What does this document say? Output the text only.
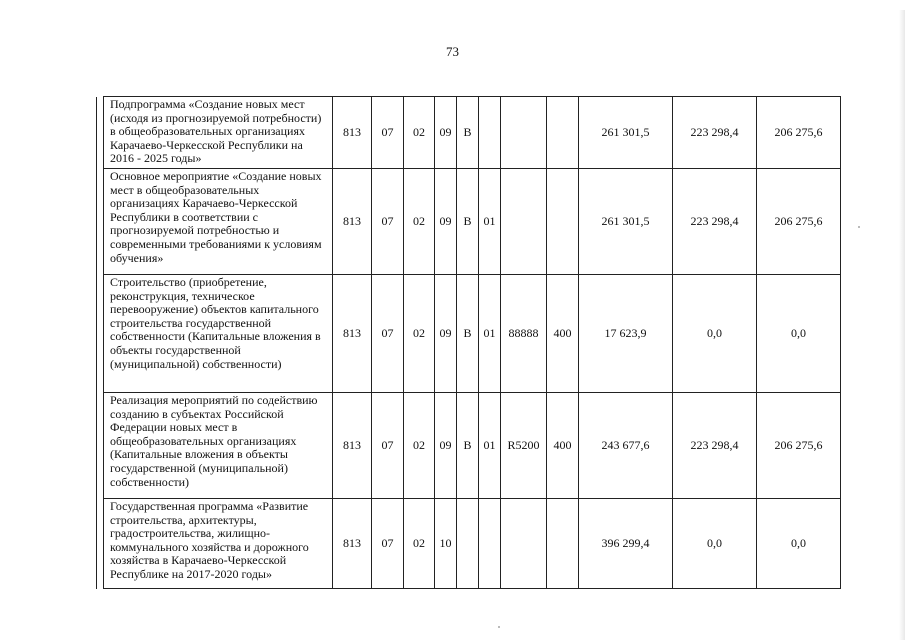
73
	Подпрограмма «Создание новых мест (исходя из прогнозируемой потребности) в общеобразовательных организациях Карачаево-Черкесской Республики на 2016 - 2025 годы»	813	07	02	09	В				261 301,5	223 298,4	206 275,6
	Основное мероприятие «Создание новых мест в общеобразовательных организациях Карачаево-Черкесской Республики в соответствии с прогнозируемой потребностью и современными требованиями к условиям обучения»	813	07	02	09	В	01			261 301,5	223 298,4	206 275,6
	Строительство (приобретение, реконструкция, техническое перевооружение) объектов капитального строительства государственной собственности (Капитальные вложения в объекты государственной (муниципальной) собственности)	813	07	02	09	В	01	88888	400	17 623,9	0,0	0,0
	Реализация мероприятий по содействию созданию в субъектах Российской Федерации новых мест в общеобразовательных организациях (Капитальные вложения в объекты государственной (муниципальной) собственности)	813	07	02	09	В	01	R5200	400	243 677,6	223 298,4	206 275,6
	Государственная программа «Развитие строительства, архитектуры, градостроительства, жилищно-коммунального хозяйства и дорожного хозяйства в Карачаево-Черкесской Республике на 2017-2020 годы»	813	07	02	10					396 299,4	0,0	0,0
